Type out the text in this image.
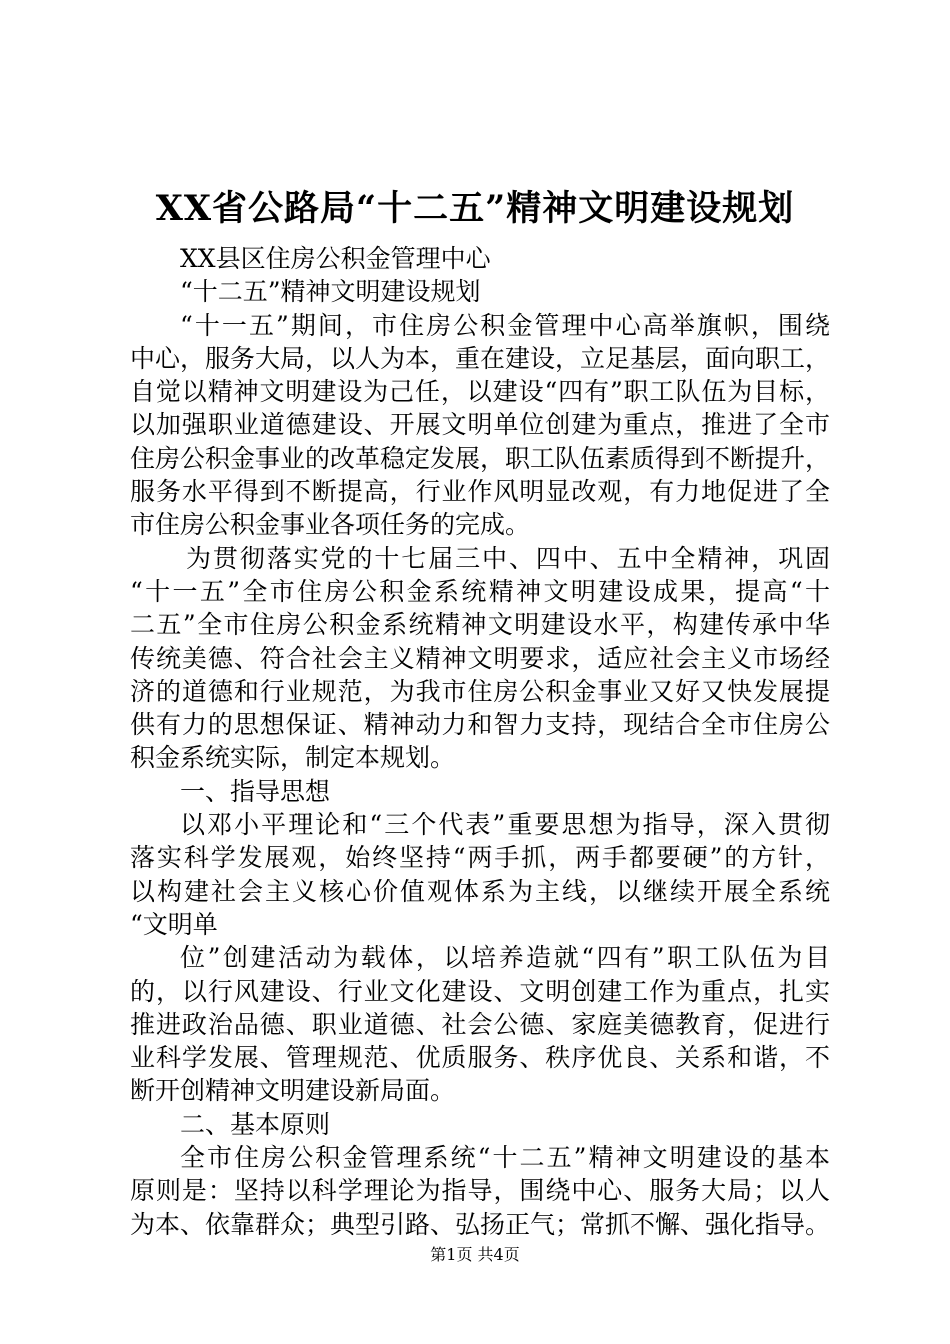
XX省公路局“十二五”精神文明建设规划
XX县区住房公积金管理中心
“十二五”精神文明建设规划
“十一五”期间，市住房公积金管理中心高举旗帜，围绕
中心，服务大局，以人为本，重在建设，立足基层，面向职工，
自觉以精神文明建设为己任，以建设“四有”职工队伍为目标，
以加强职业道德建设、开展文明单位创建为重点，推进了全市
住房公积金事业的改革稳定发展，职工队伍素质得到不断提升，
服务水平得到不断提高，行业作风明显改观，有力地促进了全
市住房公积金事业各项任务的完成。
为贯彻落实党的十七届三中、四中、五中全精神，巩固
“十一五”全市住房公积金系统精神文明建设成果，提高“十
二五”全市住房公积金系统精神文明建设水平，构建传承中华
传统美德、符合社会主义精神文明要求，适应社会主义市场经
济的道德和行业规范，为我市住房公积金事业又好又快发展提
供有力的思想保证、精神动力和智力支持，现结合全市住房公
积金系统实际，制定本规划。
一、指导思想
以邓小平理论和“三个代表”重要思想为指导，深入贯彻
落实科学发展观，始终坚持“两手抓，两手都要硬”的方针，
以构建社会主义核心价值观体系为主线，以继续开展全系统
“文明单
位”创建活动为载体，以培养造就“四有”职工队伍为目
的，以行风建设、行业文化建设、文明创建工作为重点，扎实
推进政治品德、职业道德、社会公德、家庭美德教育，促进行
业科学发展、管理规范、优质服务、秩序优良、关系和谐，不
断开创精神文明建设新局面。
二、基本原则
全市住房公积金管理系统“十二五”精神文明建设的基本
原则是：坚持以科学理论为指导，围绕中心、服务大局；以人
为本、依靠群众；典型引路、弘扬正气；常抓不懈、强化指导。
第1页 共4页
